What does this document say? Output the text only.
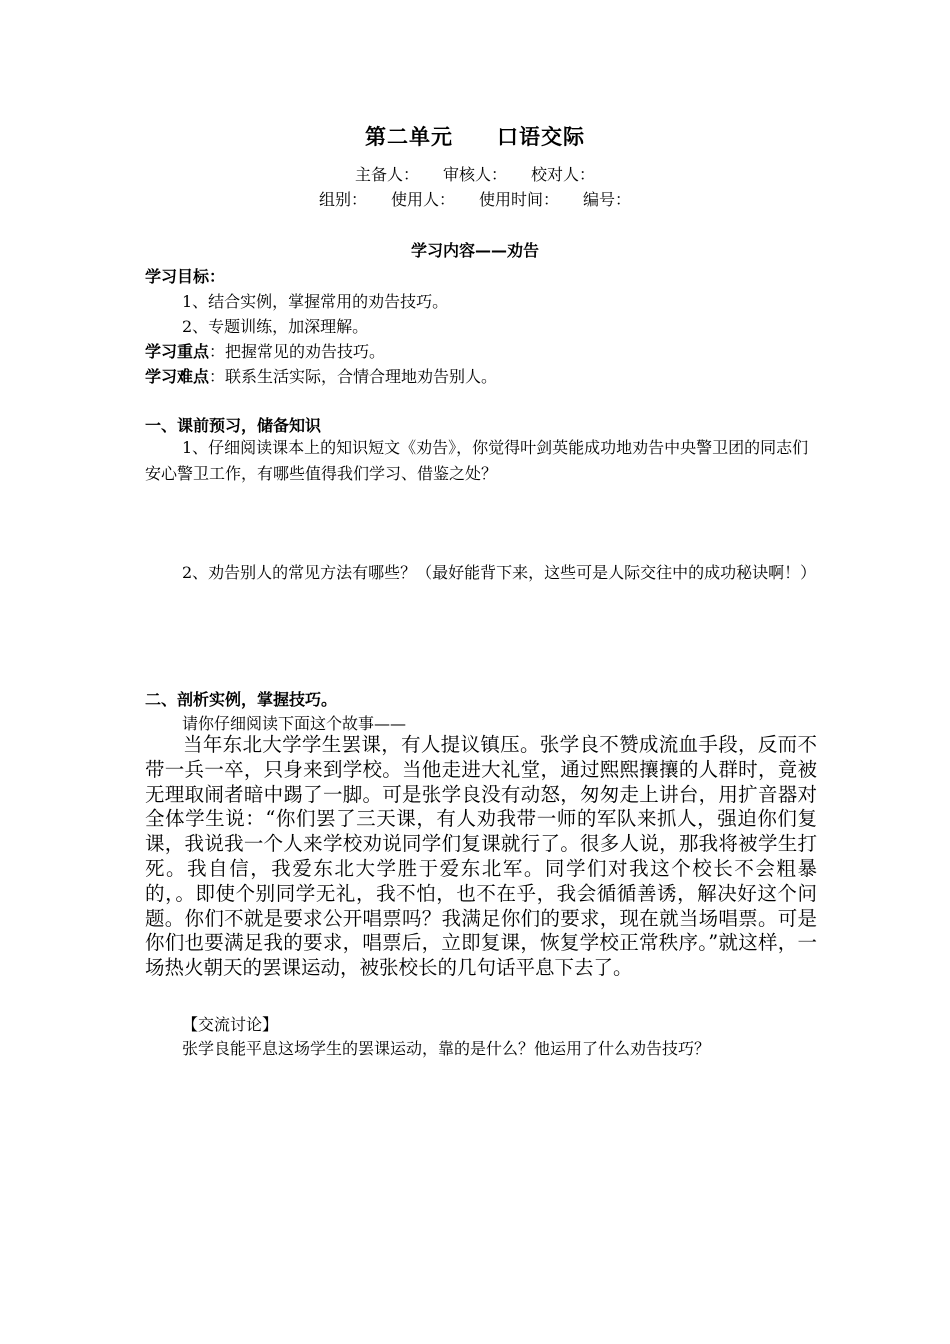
第二单元　　口语交际
主备人：　　审核人：　　校对人：
组别：　　使用人：　　使用时间：　　编号：
学习内容——劝告
学习目标：
1、结合实例，掌握常用的劝告技巧。
2、专题训练，加深理解。
学习重点：把握常见的劝告技巧。
学习难点：联系生活实际，合情合理地劝告别人。
一、课前预习，储备知识
1、仔细阅读课本上的知识短文《劝告》，你觉得叶剑英能成功地劝告中央警卫团的同志们安心警卫工作，有哪些值得我们学习、借鉴之处？
2、劝告别人的常见方法有哪些？（最好能背下来，这些可是人际交往中的成功秘诀啊！）
二、剖析实例，掌握技巧。
请你仔细阅读下面这个故事——
当年东北大学学生罢课，有人提议镇压。张学良不赞成流血手段，反而不带一兵一卒，只身来到学校。当他走进大礼堂，通过熙熙攘攘的人群时，竟被无理取闹者暗中踢了一脚。可是张学良没有动怒，匆匆走上讲台，用扩音器对全体学生说：“你们罢了三天课，有人劝我带一师的军队来抓人，强迫你们复课，我说我一个人来学校劝说同学们复课就行了。很多人说，那我将被学生打死。我自信，我爱东北大学胜于爱东北军。同学们对我这个校长不会粗暴的，。即使个别同学无礼，我不怕，也不在乎，我会循循善诱，解决好这个问题。你们不就是要求公开唱票吗？我满足你们的要求，现在就当场唱票。可是你们也要满足我的要求，唱票后，立即复课，恢复学校正常秩序。”就这样，一场热火朝天的罢课运动，被张校长的几句话平息下去了。
【交流讨论】
张学良能平息这场学生的罢课运动，靠的是什么？他运用了什么劝告技巧？
